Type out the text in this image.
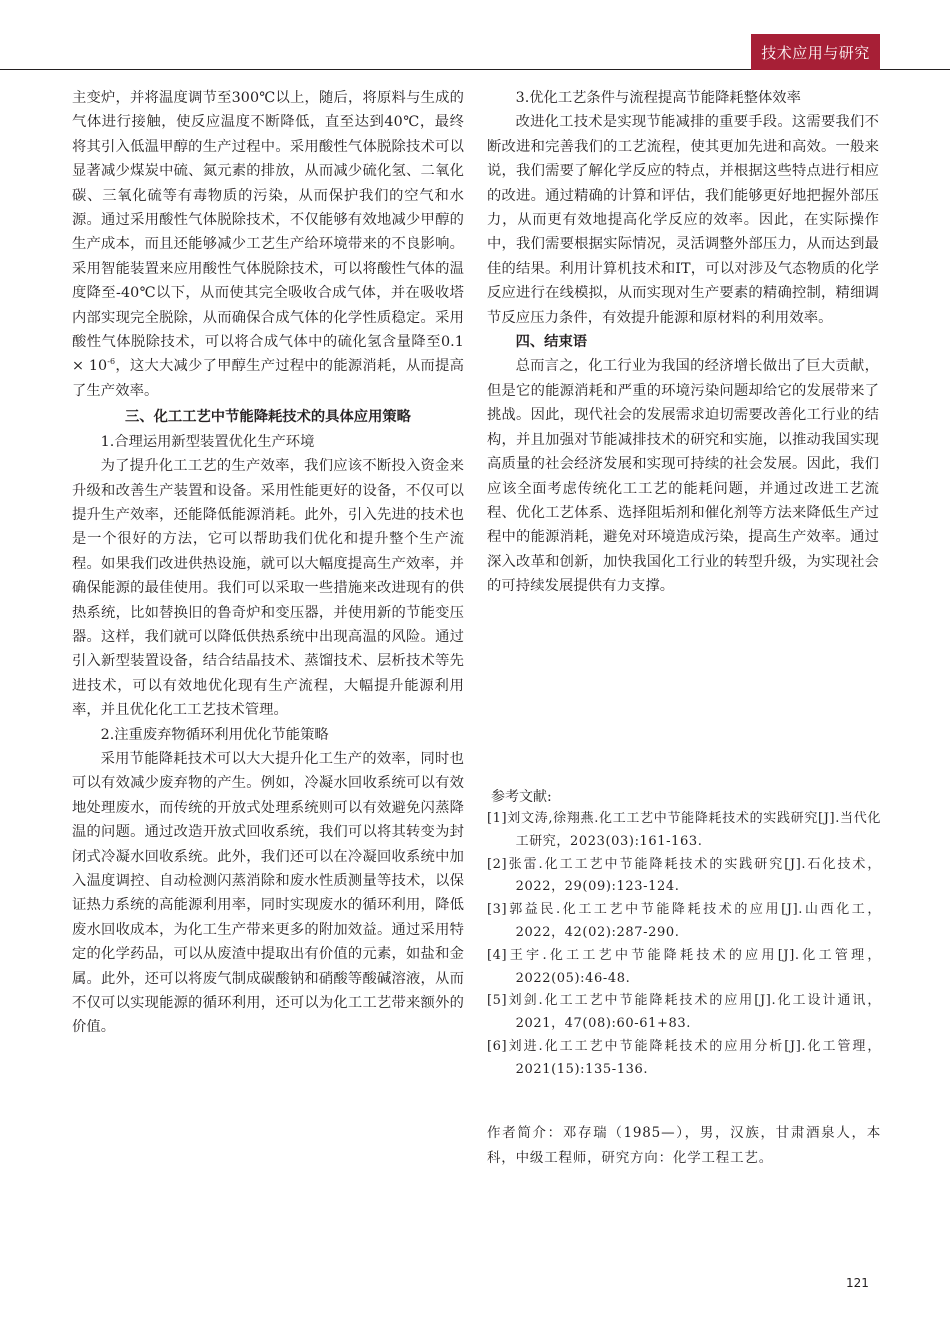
技术应用与研究

主变炉，并将温度调节至300℃以上，随后，将原料与生成的气体进行接触，使反应温度不断降低，直至达到40℃，最终将其引入低温甲醇的生产过程中。采用酸性气体脱除技术可以显著减少煤炭中硫、氮元素的排放，从而减少硫化氢、二氧化碳、三氧化硫等有毒物质的污染，从而保护我们的空气和水源。通过采用酸性气体脱除技术，不仅能够有效地减少甲醇的生产成本，而且还能够减少工艺生产给环境带来的不良影响。采用智能装置来应用酸性气体脱除技术，可以将酸性气体的温度降至-40℃以下，从而使其完全吸收合成气体，并在吸收塔内部实现完全脱除，从而确保合成气体的化学性质稳定。采用酸性气体脱除技术，可以将合成气体中的硫化氢含量降至$0.1 \times 10^{-6}$，这大大减少了甲醇生产过程中的能源消耗，从而提高了生产效率。

三、化工工艺中节能降耗技术的具体应用策略

1.合理运用新型装置优化生产环境

为了提升化工工艺的生产效率，我们应该不断投入资金来升级和改善生产装置和设备。采用性能更好的设备，不仅可以提升生产效率，还能降低能源消耗。此外，引入先进的技术也是一个很好的方法，它可以帮助我们优化和提升整个生产流程。如果我们改进供热设施，就可以大幅度提高生产效率，并确保能源的最佳使用。我们可以采取一些措施来改进现有的供热系统，比如替换旧的鲁奇炉和变压器，并使用新的节能变压器。这样，我们就可以降低供热系统中出现高温的风险。通过引入新型装置设备，结合结晶技术、蒸馏技术、层析技术等先进技术，可以有效地优化现有生产流程，大幅提升能源利用率，并且优化化工工艺技术管理。

2.注重废弃物循环利用优化节能策略

采用节能降耗技术可以大大提升化工生产的效率，同时也可以有效减少废弃物的产生。例如，冷凝水回收系统可以有效地处理废水，而传统的开放式处理系统则可以有效避免闪蒸降温的问题。通过改造开放式回收系统，我们可以将其转变为封闭式冷凝水回收系统。此外，我们还可以在冷凝回收系统中加入温度调控、自动检测闪蒸消除和废水性质测量等技术，以保证热力系统的高能源利用率，同时实现废水的循环利用，降低废水回收成本，为化工生产带来更多的附加效益。通过采用特定的化学药品，可以从废渣中提取出有价值的元素，如盐和金属。此外，还可以将废气制成碳酸钠和硝酸等酸碱溶液，从而不仅可以实现能源的循环利用，还可以为化工工艺带来额外的价值。

3.优化工艺条件与流程提高节能降耗整体效率

改进化工技术是实现节能减排的重要手段。这需要我们不断改进和完善我们的工艺流程，使其更加先进和高效。一般来说，我们需要了解化学反应的特点，并根据这些特点进行相应的改进。通过精确的计算和评估，我们能够更好地把握外部压力，从而更有效地提高化学反应的效率。因此，在实际操作中，我们需要根据实际情况，灵活调整外部压力，从而达到最佳的结果。利用计算机技术和IT，可以对涉及气态物质的化学反应进行在线模拟，从而实现对生产要素的精确控制，精细调节反应压力条件，有效提升能源和原材料的利用效率。

四、结束语

总而言之，化工行业为我国的经济增长做出了巨大贡献，但是它的能源消耗和严重的环境污染问题却给它的发展带来了挑战。因此，现代社会的发展需求迫切需要改善化工行业的结构，并且加强对节能减排技术的研究和实施，以推动我国实现高质量的社会经济发展和实现可持续的社会发展。因此，我们应该全面考虑传统化工工艺的能耗问题，并通过改进工艺流程、优化工艺体系、选择阻垢剂和催化剂等方法来降低生产过程中的能源消耗，避免对环境造成污染，提高生产效率。通过深入改革和创新，加快我国化工行业的转型升级，为实现社会的可持续发展提供有力支撑。

参考文献:

[1]刘文涛,徐翔燕.化工工艺中节能降耗技术的实践研究[J].当代化工研究，2023(03):161-163.

[2]张雷.化工工艺中节能降耗技术的实践研究[J].石化技术，2022，29(09):123-124.

[3]郭益民.化工工艺中节能降耗技术的应用[J].山西化工，2022，42(02):287-290.

[4]王宇.化工工艺中节能降耗技术的应用[J].化工管理，2022(05):46-48.

[5]刘剑.化工工艺中节能降耗技术的应用[J].化工设计通讯，2021，47(08):60-61+83.

[6]刘进.化工工艺中节能降耗技术的应用分析[J].化工管理，2021(15):135-136.

作者简介：邓存瑞（1985—），男，汉族，甘肃酒泉人，本科，中级工程师，研究方向：化学工程工艺。

121
